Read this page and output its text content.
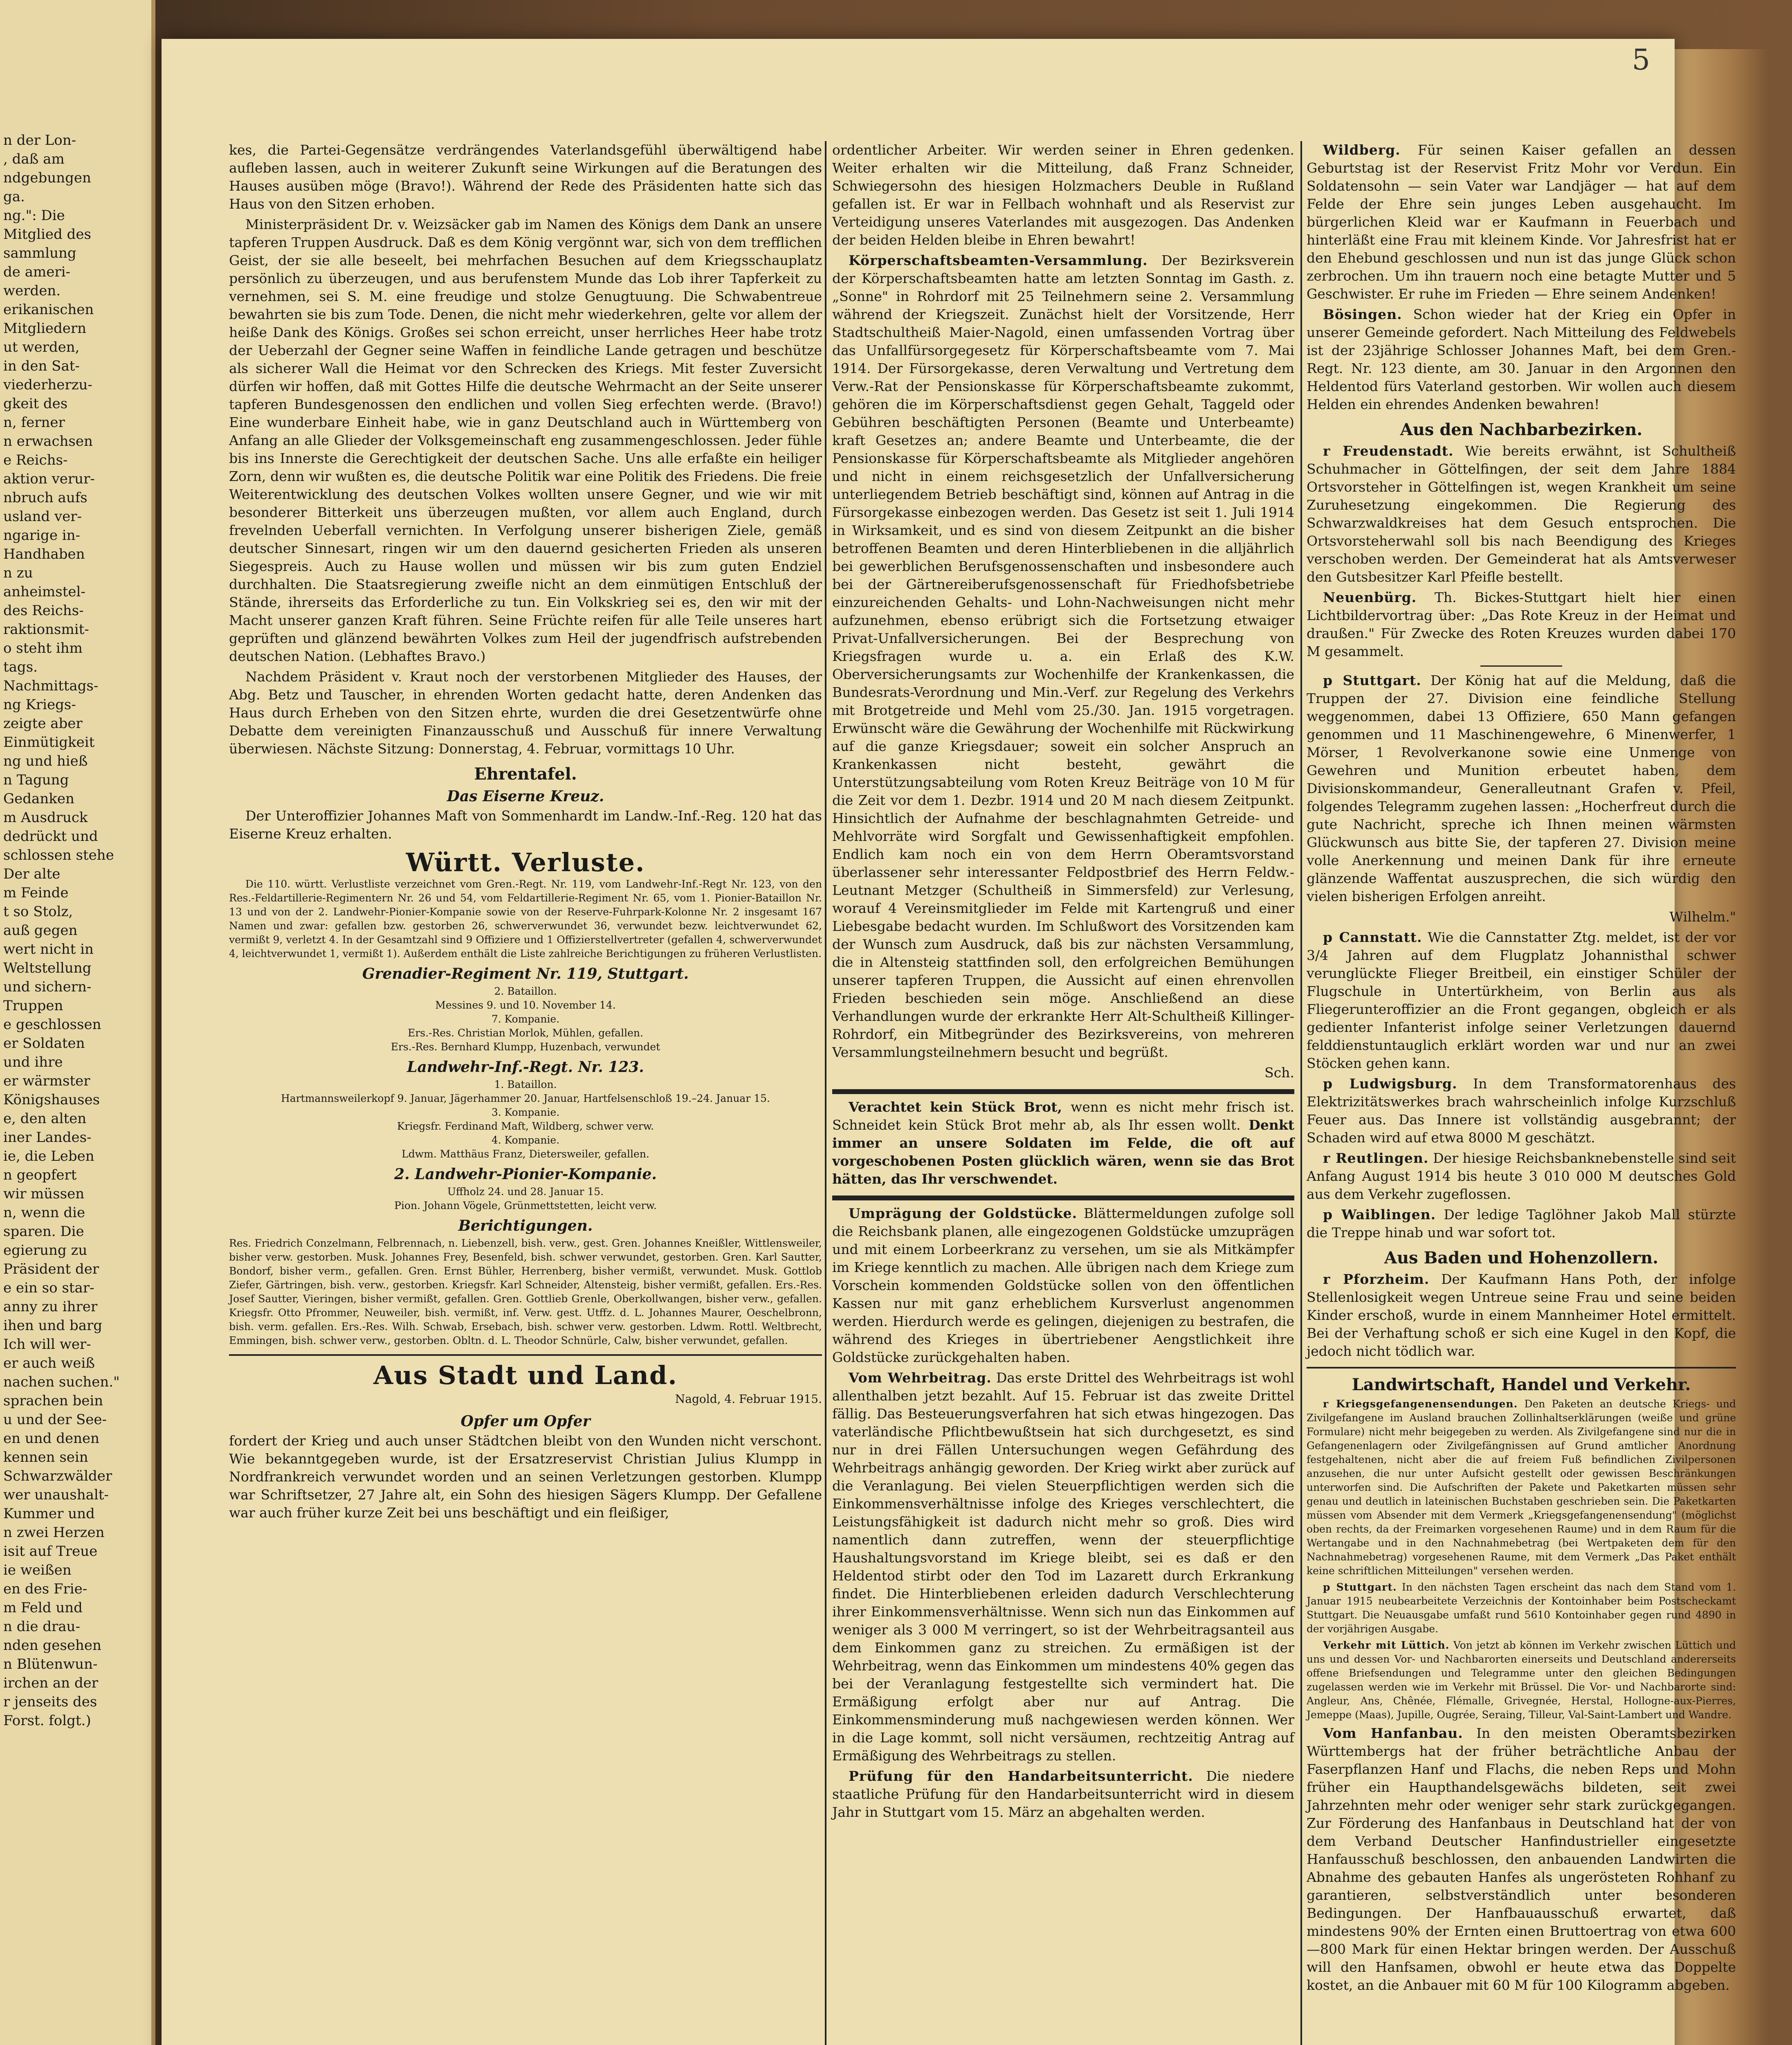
n der Lon-
, daß am
ndgebungen
ga.
ng.": Die
Mitglied des
sammlung
de ameri-
werden.
erikanischen
Mitgliedern
ut werden,
in den Sat-
viederherzu-
gkeit des
n, ferner
n erwachsen
e Reichs-
aktion verur-
nbruch aufs
usland ver-
ngarige in-
Handhaben
n zu
anheimstel-
des Reichs-
raktionsmit-
o steht ihm
tags.
Nachmittags-
ng Kriegs-
zeigte aber
Einmütigkeit
ng und hieß
n Tagung
Gedanken
m Ausdruck
dedrückt und
schlossen stehe
Der alte
m Feinde
t so Stolz,
auß gegen
wert nicht in
Weltstellung
und sichern-
Truppen
e geschlossen
er Soldaten
und ihre
er wärmster
Königshauses
e, den alten
iner Landes-
ie, die Leben
n geopfert
wir müssen
n, wenn die
sparen. Die
egierung zu
Präsident der
e ein so star-
anny zu ihrer
ihen und barg
Ich will wer-
er auch weiß
nachen suchen."
sprachen bein
u und der See-
en und denen
kennen sein
Schwarzwälder
wer unaushalt-
Kummer und
n zwei Herzen
isit auf Treue
ie weißen
en des Frie-
m Feld und
n die drau-
nden gesehen
n Blütenwun-
irchen an der
r jenseits des
Forst. folgt.)
5

kes, die Partei-Gegensätze verdrängendes Vaterlandsgefühl überwältigend habe aufleben lassen, auch in weiterer Zukunft seine Wirkungen auf die Beratungen des Hauses ausüben möge (Bravo!). Während der Rede des Präsidenten hatte sich das Haus von den Sitzen erhoben.

Ministerpräsident Dr. v. Weizsäcker gab im Namen des Königs dem Dank an unsere tapferen Truppen Ausdruck. Daß es dem König vergönnt war, sich von dem trefflichen Geist, der sie alle beseelt, bei mehrfachen Besuchen auf dem Kriegsschauplatz persönlich zu überzeugen, und aus berufenstem Munde das Lob ihrer Tapferkeit zu vernehmen, sei S. M. eine freudige und stolze Genugtuung. Die Schwabentreue bewahrten sie bis zum Tode. Denen, die nicht mehr wiederkehren, gelte vor allem der heiße Dank des Königs. Großes sei schon erreicht, unser herrliches Heer habe trotz der Ueberzahl der Gegner seine Waffen in feindliche Lande getragen und beschütze als sicherer Wall die Heimat vor den Schrecken des Kriegs. Mit fester Zuversicht dürfen wir hoffen, daß mit Gottes Hilfe die deutsche Wehrmacht an der Seite unserer tapferen Bundesgenossen den endlichen und vollen Sieg erfechten werde. (Bravo!) Eine wunderbare Einheit habe, wie in ganz Deutschland auch in Württemberg von Anfang an alle Glieder der Volksgemeinschaft eng zusammengeschlossen. Jeder fühle bis ins Innerste die Gerechtigkeit der deutschen Sache. Uns alle erfaßte ein heiliger Zorn, denn wir wußten es, die deutsche Politik war eine Politik des Friedens. Die freie Weiterentwicklung des deutschen Volkes wollten unsere Gegner, und wie wir mit besonderer Bitterkeit uns überzeugen mußten, vor allem auch England, durch frevelnden Ueberfall vernichten. In Verfolgung unserer bisherigen Ziele, gemäß deutscher Sinnesart, ringen wir um den dauernd gesicherten Frieden als unseren Siegespreis. Auch zu Hause wollen und müssen wir bis zum guten Endziel durchhalten. Die Staatsregierung zweifle nicht an dem einmütigen Entschluß der Stände, ihrerseits das Erforderliche zu tun. Ein Volkskrieg sei es, den wir mit der Macht unserer ganzen Kraft führen. Seine Früchte reifen für alle Teile unseres hart geprüften und glänzend bewährten Volkes zum Heil der jugendfrisch aufstrebenden deutschen Nation. (Lebhaftes Bravo.)

Nachdem Präsident v. Kraut noch der verstorbenen Mitglieder des Hauses, der Abg. Betz und Tauscher, in ehrenden Worten gedacht hatte, deren Andenken das Haus durch Erheben von den Sitzen ehrte, wurden die drei Gesetzentwürfe ohne Debatte dem vereinigten Finanzausschuß und Ausschuß für innere Verwaltung überwiesen. Nächste Sitzung: Donnerstag, 4. Februar, vormittags 10 Uhr.

Ehrentafel.
Das Eiserne Kreuz.

Der Unteroffizier Johannes Maft von Sommenhardt im Landw.-Inf.-Reg. 120 hat das Eiserne Kreuz erhalten.

Württ. Verluste.

Die 110. württ. Verlustliste verzeichnet vom Gren.-Regt. Nr. 119, vom Landwehr-Inf.-Regt Nr. 123, von den Res.-Feldartillerie-Regimentern Nr. 26 und 54, vom Feldartillerie-Regiment Nr. 65, vom 1. Pionier-Bataillon Nr. 13 und von der 2. Landwehr-Pionier-Kompanie sowie von der Reserve-Fuhrpark-Kolonne Nr. 2 insgesamt 167 Namen und zwar: gefallen bzw. gestorben 26, schwerverwundet 36, verwundet bezw. leichtverwundet 62, vermißt 9, verletzt 4. In der Gesamtzahl sind 9 Offiziere und 1 Offizierstellvertreter (gefallen 4, schwerverwundet 4, leichtverwundet 1, vermißt 1). Außerdem enthält die Liste zahlreiche Berichtigungen zu früheren Verlustlisten.

Grenadier-Regiment Nr. 119, Stuttgart.
2. Bataillon.
Messines 9. und 10. November 14.
7. Kompanie.
Ers.-Res. Christian Morlok, Mühlen, gefallen.
Ers.-Res. Bernhard Klumpp, Huzenbach, verwundet
Landwehr-Inf.-Regt. Nr. 123.
1. Bataillon.
Hartmannsweilerkopf 9. Januar, Jägerhammer 20. Januar, Hartfelsenschloß 19.–24. Januar 15.
3. Kompanie.
Kriegsfr. Ferdinand Maft, Wildberg, schwer verw.
4. Kompanie.
Ldwm. Matthäus Franz, Dietersweiler, gefallen.
2. Landwehr-Pionier-Kompanie.
Uffholz 24. und 28. Januar 15.
Pion. Johann Vögele, Grünmettstetten, leicht verw.
Berichtigungen.

Res. Friedrich Conzelmann, Felbrennach, n. Liebenzell, bish. verw., gest. Gren. Johannes Kneißler, Wittlensweiler, bisher verw. gestorben. Musk. Johannes Frey, Besenfeld, bish. schwer verwundet, gestorben. Gren. Karl Sautter, Bondorf, bisher verm., gefallen. Gren. Ernst Bühler, Herrenberg, bisher vermißt, verwundet. Musk. Gottlob Ziefer, Gärtringen, bish. verw., gestorben. Kriegsfr. Karl Schneider, Altensteig, bisher vermißt, gefallen. Ers.-Res. Josef Sautter, Vieringen, bisher vermißt, gefallen. Gren. Gottlieb Grenle, Oberkollwangen, bisher verw., gefallen. Kriegsfr. Otto Pfrommer, Neuweiler, bish. vermißt, inf. Verw. gest. Utffz. d. L. Johannes Maurer, Oeschelbronn, bish. verm. gefallen. Ers.-Res. Wilh. Schwab, Ersebach, bish. schwer verw. gestorben. Ldwm. Rottl. Weltbrecht, Emmingen, bish. schwer verw., gestorben. Obltn. d. L. Theodor Schnürle, Calw, bisher verwundet, gefallen.

Aus Stadt und Land.

Nagold, 4. Februar 1915.

Opfer um Opfer

fordert der Krieg und auch unser Städtchen bleibt von den Wunden nicht verschont. Wie bekanntgegeben wurde, ist der Ersatzreservist Christian Julius Klumpp in Nordfrankreich verwundet worden und an seinen Verletzungen gestorben. Klumpp war Schriftsetzer, 27 Jahre alt, ein Sohn des hiesigen Sägers Klumpp. Der Gefallene war auch früher kurze Zeit bei uns beschäftigt und ein fleißiger,

ordentlicher Arbeiter. Wir werden seiner in Ehren gedenken. Weiter erhalten wir die Mitteilung, daß Franz Schneider, Schwiegersohn des hiesigen Holzmachers Deuble in Rußland gefallen ist. Er war in Fellbach wohnhaft und als Reservist zur Verteidigung unseres Vaterlandes mit ausgezogen. Das Andenken der beiden Helden bleibe in Ehren bewahrt!

Körperschaftsbeamten-Versammlung. Der Bezirksverein der Körperschaftsbeamten hatte am letzten Sonntag im Gasth. z. „Sonne" in Rohrdorf mit 25 Teilnehmern seine 2. Versammlung während der Kriegszeit. Zunächst hielt der Vorsitzende, Herr Stadtschultheiß Maier-Nagold, einen umfassenden Vortrag über das Unfallfürsorgegesetz für Körperschaftsbeamte vom 7. Mai 1914. Der Fürsorgekasse, deren Verwaltung und Vertretung dem Verw.-Rat der Pensionskasse für Körperschaftsbeamte zukommt, gehören die im Körperschaftsdienst gegen Gehalt, Taggeld oder Gebühren beschäftigten Personen (Beamte und Unterbeamte) kraft Gesetzes an; andere Beamte und Unterbeamte, die der Pensionskasse für Körperschaftsbeamte als Mitglieder angehören und nicht in einem reichsgesetzlich der Unfallversicherung unterliegendem Betrieb beschäftigt sind, können auf Antrag in die Fürsorgekasse einbezogen werden. Das Gesetz ist seit 1. Juli 1914 in Wirksamkeit, und es sind von diesem Zeitpunkt an die bisher betroffenen Beamten und deren Hinterbliebenen in die alljährlich bei gewerblichen Berufsgenossenschaften und insbesondere auch bei der Gärtnereiberufsgenossenschaft für Friedhofsbetriebe einzureichenden Gehalts- und Lohn-Nachweisungen nicht mehr aufzunehmen, ebenso erübrigt sich die Fortsetzung etwaiger Privat-Unfallversicherungen. Bei der Besprechung von Kriegsfragen wurde u. a. ein Erlaß des K.W. Oberversicherungsamts zur Wochenhilfe der Krankenkassen, die Bundesrats-Verordnung und Min.-Verf. zur Regelung des Verkehrs mit Brotgetreide und Mehl vom 25./30. Jan. 1915 vorgetragen. Erwünscht wäre die Gewährung der Wochenhilfe mit Rückwirkung auf die ganze Kriegsdauer; soweit ein solcher Anspruch an Krankenkassen nicht besteht, gewährt die Unterstützungsabteilung vom Roten Kreuz Beiträge von 10 M für die Zeit vor dem 1. Dezbr. 1914 und 20 M nach diesem Zeitpunkt. Hinsichtlich der Aufnahme der beschlagnahmten Getreide- und Mehlvorräte wird Sorgfalt und Gewissenhaftigkeit empfohlen. Endlich kam noch ein von dem Herrn Oberamtsvorstand überlassener sehr interessanter Feldpostbrief des Herrn Feldw.-Leutnant Metzger (Schultheiß in Simmersfeld) zur Verlesung, worauf 4 Vereinsmitglieder im Felde mit Kartengruß und einer Liebesgabe bedacht wurden. Im Schlußwort des Vorsitzenden kam der Wunsch zum Ausdruck, daß bis zur nächsten Versammlung, die in Altensteig stattfinden soll, den erfolgreichen Bemühungen unserer tapferen Truppen, die Aussicht auf einen ehrenvollen Frieden beschieden sein möge. Anschließend an diese Verhandlungen wurde der erkrankte Herr Alt-Schultheiß Killinger-Rohrdorf, ein Mitbegründer des Bezirksvereins, von mehreren Versammlungsteilnehmern besucht und begrüßt.

Sch.

Verachtet kein Stück Brot, wenn es nicht mehr frisch ist. Schneidet kein Stück Brot mehr ab, als Ihr essen wollt. Denkt immer an unsere Soldaten im Felde, die oft auf vorgeschobenen Posten glücklich wären, wenn sie das Brot hätten, das Ihr verschwendet.

Umprägung der Goldstücke. Blättermeldungen zufolge soll die Reichsbank planen, alle eingezogenen Goldstücke umzuprägen und mit einem Lorbeerkranz zu versehen, um sie als Mitkämpfer im Kriege kenntlich zu machen. Alle übrigen nach dem Kriege zum Vorschein kommenden Goldstücke sollen von den öffentlichen Kassen nur mit ganz erheblichem Kursverlust angenommen werden. Hierdurch werde es gelingen, diejenigen zu bestrafen, die während des Krieges in übertriebener Aengstlichkeit ihre Goldstücke zurückgehalten haben.

Vom Wehrbeitrag. Das erste Drittel des Wehrbeitrags ist wohl allenthalben jetzt bezahlt. Auf 15. Februar ist das zweite Drittel fällig. Das Besteuerungsverfahren hat sich etwas hingezogen. Das vaterländische Pflichtbewußtsein hat sich durchgesetzt, es sind nur in drei Fällen Untersuchungen wegen Gefährdung des Wehrbeitrags anhängig geworden. Der Krieg wirkt aber zurück auf die Veranlagung. Bei vielen Steuerpflichtigen werden sich die Einkommensverhältnisse infolge des Krieges verschlechtert, die Leistungsfähigkeit ist dadurch nicht mehr so groß. Dies wird namentlich dann zutreffen, wenn der steuerpflichtige Haushaltungsvorstand im Kriege bleibt, sei es daß er den Heldentod stirbt oder den Tod im Lazarett durch Erkrankung findet. Die Hinterbliebenen erleiden dadurch Verschlechterung ihrer Einkommensverhältnisse. Wenn sich nun das Einkommen auf weniger als 3 000 M verringert, so ist der Wehrbeitragsanteil aus dem Einkommen ganz zu streichen. Zu ermäßigen ist der Wehrbeitrag, wenn das Einkommen um mindestens 40% gegen das bei der Veranlagung festgestellte sich vermindert hat. Die Ermäßigung erfolgt aber nur auf Antrag. Die Einkommensminderung muß nachgewiesen werden können. Wer in die Lage kommt, soll nicht versäumen, rechtzeitig Antrag auf Ermäßigung des Wehrbeitrags zu stellen.

Prüfung für den Handarbeitsunterricht. Die niedere staatliche Prüfung für den Handarbeitsunterricht wird in diesem Jahr in Stuttgart vom 15. März an abgehalten werden.

Wildberg. Für seinen Kaiser gefallen an dessen Geburtstag ist der Reservist Fritz Mohr vor Verdun. Ein Soldatensohn — sein Vater war Landjäger — hat auf dem Felde der Ehre sein junges Leben ausgehaucht. Im bürgerlichen Kleid war er Kaufmann in Feuerbach und hinterläßt eine Frau mit kleinem Kinde. Vor Jahresfrist hat er den Ehebund geschlossen und nun ist das junge Glück schon zerbrochen. Um ihn trauern noch eine betagte Mutter und 5 Geschwister. Er ruhe im Frieden — Ehre seinem Andenken!

Bösingen. Schon wieder hat der Krieg ein Opfer in unserer Gemeinde gefordert. Nach Mitteilung des Feldwebels ist der 23jährige Schlosser Johannes Maft, bei dem Gren.-Regt. Nr. 123 diente, am 30. Januar in den Argonnen den Heldentod fürs Vaterland gestorben. Wir wollen auch diesem Helden ein ehrendes Andenken bewahren!

Aus den Nachbarbezirken.

r Freudenstadt. Wie bereits erwähnt, ist Schultheiß Schuhmacher in Göttelfingen, der seit dem Jahre 1884 Ortsvorsteher in Göttelfingen ist, wegen Krankheit um seine Zuruhesetzung eingekommen. Die Regierung des Schwarzwaldkreises hat dem Gesuch entsprochen. Die Ortsvorsteherwahl soll bis nach Beendigung des Krieges verschoben werden. Der Gemeinderat hat als Amtsverweser den Gutsbesitzer Karl Pfeifle bestellt.

Neuenbürg. Th. Bickes-Stuttgart hielt hier einen Lichtbildervortrag über: „Das Rote Kreuz in der Heimat und draußen." Für Zwecke des Roten Kreuzes wurden dabei 170 M gesammelt.

p Stuttgart. Der König hat auf die Meldung, daß die Truppen der 27. Division eine feindliche Stellung weggenommen, dabei 13 Offiziere, 650 Mann gefangen genommen und 11 Maschinengewehre, 6 Minenwerfer, 1 Mörser, 1 Revolverkanone sowie eine Unmenge von Gewehren und Munition erbeutet haben, dem Divisionskommandeur, Generalleutnant Grafen v. Pfeil, folgendes Telegramm zugehen lassen: „Hocherfreut durch die gute Nachricht, spreche ich Ihnen meinen wärmsten Glückwunsch aus bitte Sie, der tapferen 27. Division meine volle Anerkennung und meinen Dank für ihre erneute glänzende Waffentat auszusprechen, die sich würdig den vielen bisherigen Erfolgen anreiht.

Wilhelm."

p Cannstatt. Wie die Cannstatter Ztg. meldet, ist der vor 3/4 Jahren auf dem Flugplatz Johannisthal schwer verunglückte Flieger Breitbeil, ein einstiger Schüler der Flugschule in Untertürkheim, von Berlin aus als Fliegerunteroffizier an die Front gegangen, obgleich er als gedienter Infanterist infolge seiner Verletzungen dauernd felddienstuntauglich erklärt worden war und nur an zwei Stöcken gehen kann.

p Ludwigsburg. In dem Transformatorenhaus des Elektrizitätswerkes brach wahrscheinlich infolge Kurzschluß Feuer aus. Das Innere ist vollständig ausgebrannt; der Schaden wird auf etwa 8000 M geschätzt.

r Reutlingen. Der hiesige Reichsbanknebenstelle sind seit Anfang August 1914 bis heute 3 010 000 M deutsches Gold aus dem Verkehr zugeflossen.

p Waiblingen. Der ledige Taglöhner Jakob Mall stürzte die Treppe hinab und war sofort tot.

Aus Baden und Hohenzollern.

r Pforzheim. Der Kaufmann Hans Poth, der infolge Stellenlosigkeit wegen Untreue seine Frau und seine beiden Kinder erschoß, wurde in einem Mannheimer Hotel ermittelt. Bei der Verhaftung schoß er sich eine Kugel in den Kopf, die jedoch nicht tödlich war.

Landwirtschaft, Handel und Verkehr.

r Kriegsgefangenensendungen. Den Paketen an deutsche Kriegs- und Zivilgefangene im Ausland brauchen Zollinhaltserklärungen (weiße und grüne Formulare) nicht mehr beigegeben zu werden. Als Zivilgefangene sind nur die in Gefangenenlagern oder Zivilgefängnissen auf Grund amtlicher Anordnung festgehaltenen, nicht aber die auf freiem Fuß befindlichen Zivilpersonen anzusehen, die nur unter Aufsicht gestellt oder gewissen Beschränkungen unterworfen sind. Die Aufschriften der Pakete und Paketkarten müssen sehr genau und deutlich in lateinischen Buchstaben geschrieben sein. Die Paketkarten müssen vom Absender mit dem Vermerk „Kriegsgefangenensendung" (möglichst oben rechts, da der Freimarken vorgesehenen Raume) und in dem Raum für die Wertangabe und in den Nachnahmebetrag (bei Wertpaketen dem für den Nachnahmebetrag) vorgesehenen Raume, mit dem Vermerk „Das Paket enthält keine schriftlichen Mitteilungen" versehen werden.

p Stuttgart. In den nächsten Tagen erscheint das nach dem Stand vom 1. Januar 1915 neubearbeitete Verzeichnis der Kontoinhaber beim Postscheckamt Stuttgart. Die Neuausgabe umfaßt rund 5610 Kontoinhaber gegen rund 4890 in der vorjährigen Ausgabe.

Verkehr mit Lüttich. Von jetzt ab können im Verkehr zwischen Lüttich und uns und dessen Vor- und Nachbarorten einerseits und Deutschland andererseits offene Briefsendungen und Telegramme unter den gleichen Bedingungen zugelassen werden wie im Verkehr mit Brüssel. Die Vor- und Nachbarorte sind: Angleur, Ans, Chênée, Flémalle, Grivegnée, Herstal, Hollogne-aux-Pierres, Jemeppe (Maas), Jupille, Ougrée, Seraing, Tilleur, Val-Saint-Lambert und Wandre.

Vom Hanfanbau. In den meisten Oberamtsbezirken Württembergs hat der früher beträchtliche Anbau der Faserpflanzen Hanf und Flachs, die neben Reps und Mohn früher ein Haupthandelsgewächs bildeten, seit zwei Jahrzehnten mehr oder weniger sehr stark zurückgegangen. Zur Förderung des Hanfanbaus in Deutschland hat der von dem Verband Deutscher Hanfindustrieller eingesetzte Hanfausschuß beschlossen, den anbauenden Landwirten die Abnahme des gebauten Hanfes als ungerösteten Rohhanf zu garantieren, selbstverständlich unter besonderen Bedingungen. Der Hanfbauausschuß erwartet, daß mindestens 90% der Ernten einen Bruttoertrag von etwa 600—800 Mark für einen Hektar bringen werden. Der Ausschuß will den Hanfsamen, obwohl er heute etwa das Doppelte kostet, an die Anbauer mit 60 M für 100 Kilogramm abgeben.
